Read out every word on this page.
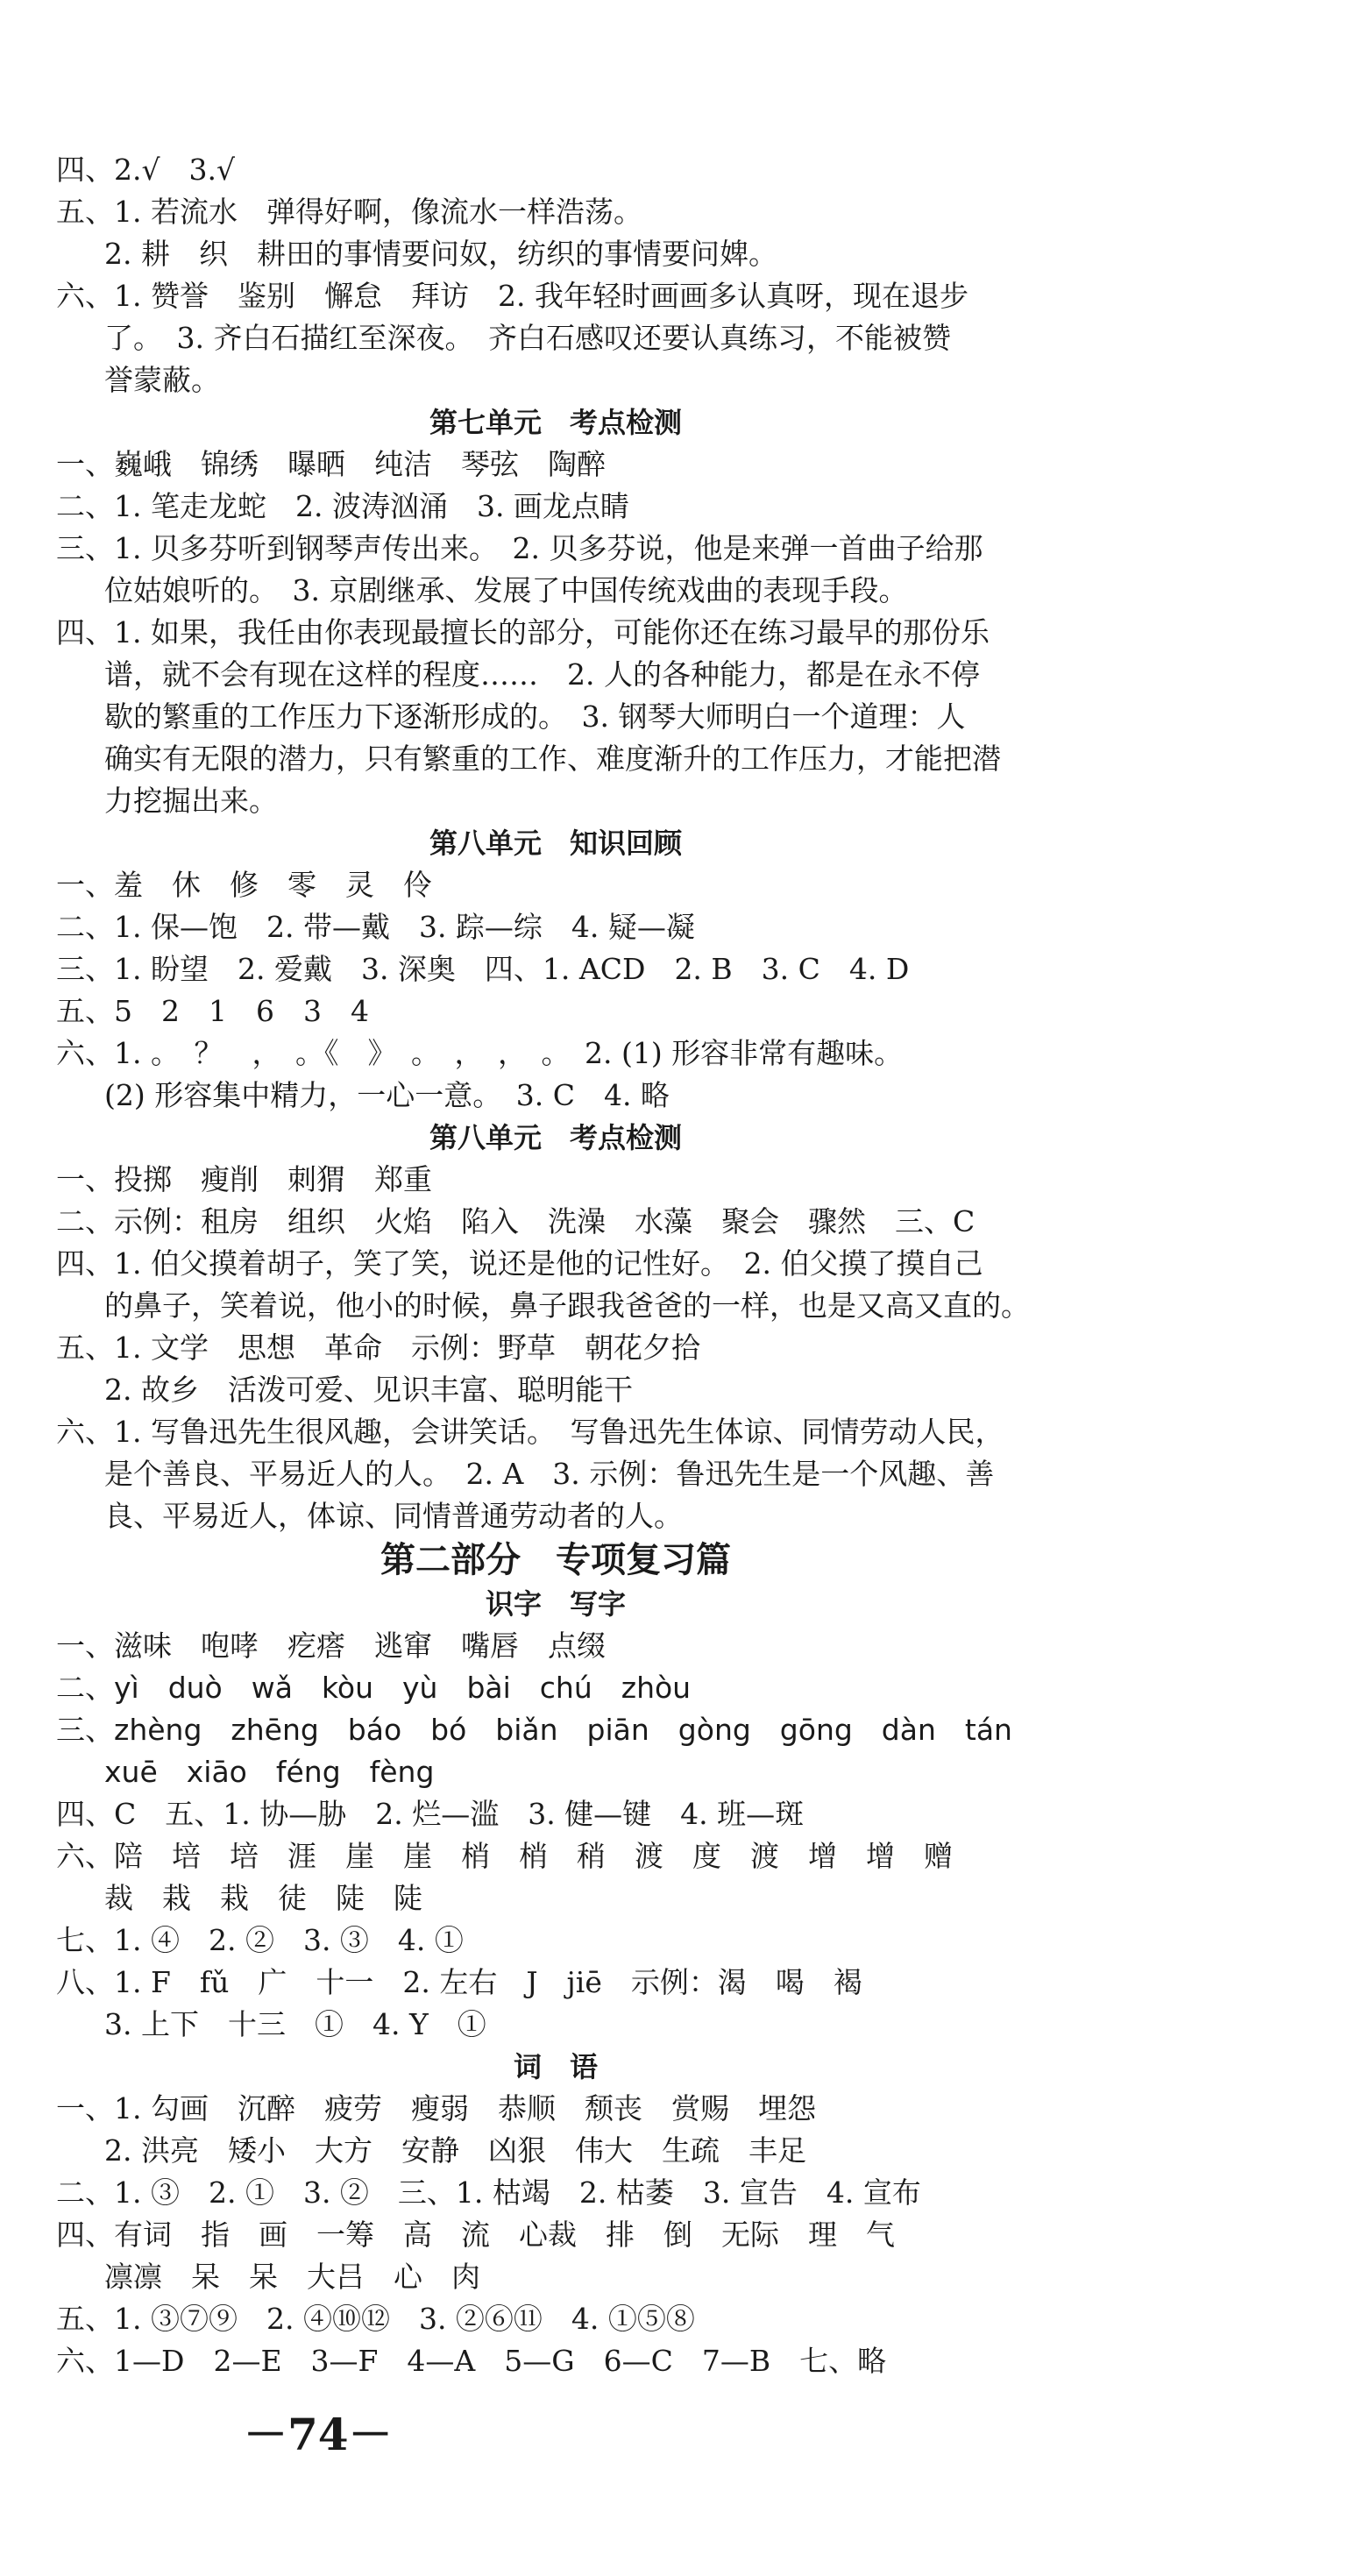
四、2.√　3.√
五、1. 若流水　弹得好啊，像流水一样浩荡。
2. 耕　织　耕田的事情要问奴，纺织的事情要问婢。
六、1. 赞誉　鉴别　懈怠　拜访　2. 我年轻时画画多认真呀，现在退步
了。　3. 齐白石描红至深夜。　齐白石感叹还要认真练习，不能被赞
誉蒙蔽。
第七单元　考点检测
一、巍峨　锦绣　曝晒　纯洁　琴弦　陶醉
二、1. 笔走龙蛇　2. 波涛汹涌　3. 画龙点睛
三、1. 贝多芬听到钢琴声传出来。　2. 贝多芬说，他是来弹一首曲子给那
位姑娘听的。　3. 京剧继承、发展了中国传统戏曲的表现手段。
四、1. 如果，我任由你表现最擅长的部分，可能你还在练习最早的那份乐
谱，就不会有现在这样的程度……　2. 人的各种能力，都是在永不停
歇的繁重的工作压力下逐渐形成的。　3. 钢琴大师明白一个道理：人
确实有无限的潜力，只有繁重的工作、难度渐升的工作压力，才能把潜
力挖掘出来。
第八单元　知识回顾
一、羞　休　修　零　灵　伶
二、1. 保—饱　2. 带—戴　3. 踪—综　4. 疑—凝
三、1. 盼望　2. 爱戴　3. 深奥　四、1. ACD　2. B　3. C　4. D
五、5　2　1　6　3　4
六、1. 。　？　，　。《　》　。　，　，　。　2. (1) 形容非常有趣味。
(2) 形容集中精力，一心一意。　3. C　4. 略
第八单元　考点检测
一、投掷　瘦削　刺猬　郑重
二、示例：租房　组织　火焰　陷入　洗澡　水藻　聚会　骤然　三、C
四、1. 伯父摸着胡子，笑了笑，说还是他的记性好。　2. 伯父摸了摸自己
的鼻子，笑着说，他小的时候，鼻子跟我爸爸的一样，也是又高又直的。
五、1. 文学　思想　革命　示例：野草　朝花夕拾
2. 故乡　活泼可爱、见识丰富、聪明能干
六、1. 写鲁迅先生很风趣，会讲笑话。　写鲁迅先生体谅、同情劳动人民，
是个善良、平易近人的人。　2. A　3. 示例：鲁迅先生是一个风趣、善
良、平易近人，体谅、同情普通劳动者的人。
第二部分　专项复习篇
识字　写字
一、滋味　咆哮　疙瘩　逃窜　嘴唇　点缀
二、yì　duò　wǎ　kòu　yù　bài　chú　zhòu
三、zhèng　zhēng　báo　bó　biǎn　piān　gòng　gōng　dàn　tán
xuē　xiāo　féng　fèng
四、C　五、1. 协—胁　2. 烂—滥　3. 健—键　4. 班—斑
六、陪　培　培　涯　崖　崖　梢　梢　稍　渡　度　渡　增　增　赠
裁　栽　栽　徒　陡　陡
七、1. ④　2. ②　3. ③　4. ①
八、1. F　fǔ　广　十一　2. 左右　J　jiē　示例：渴　喝　褐
3. 上下　十三　①　4. Y　①
词　语
一、1. 勾画　沉醉　疲劳　瘦弱　恭顺　颓丧　赏赐　埋怨
2. 洪亮　矮小　大方　安静　凶狠　伟大　生疏　丰足
二、1. ③　2. ①　3. ②　三、1. 枯竭　2. 枯萎　3. 宣告　4. 宣布
四、有词　指　画　一筹　高　流　心裁　排　倒　无际　理　气
凛凛　呆　呆　大吕　心　肉
五、1. ③⑦⑨　2. ④⑩⑫　3. ②⑥⑪　4. ①⑤⑧
六、1—D　2—E　3—F　4—A　5—G　6—C　7—B　七、略
－74－
